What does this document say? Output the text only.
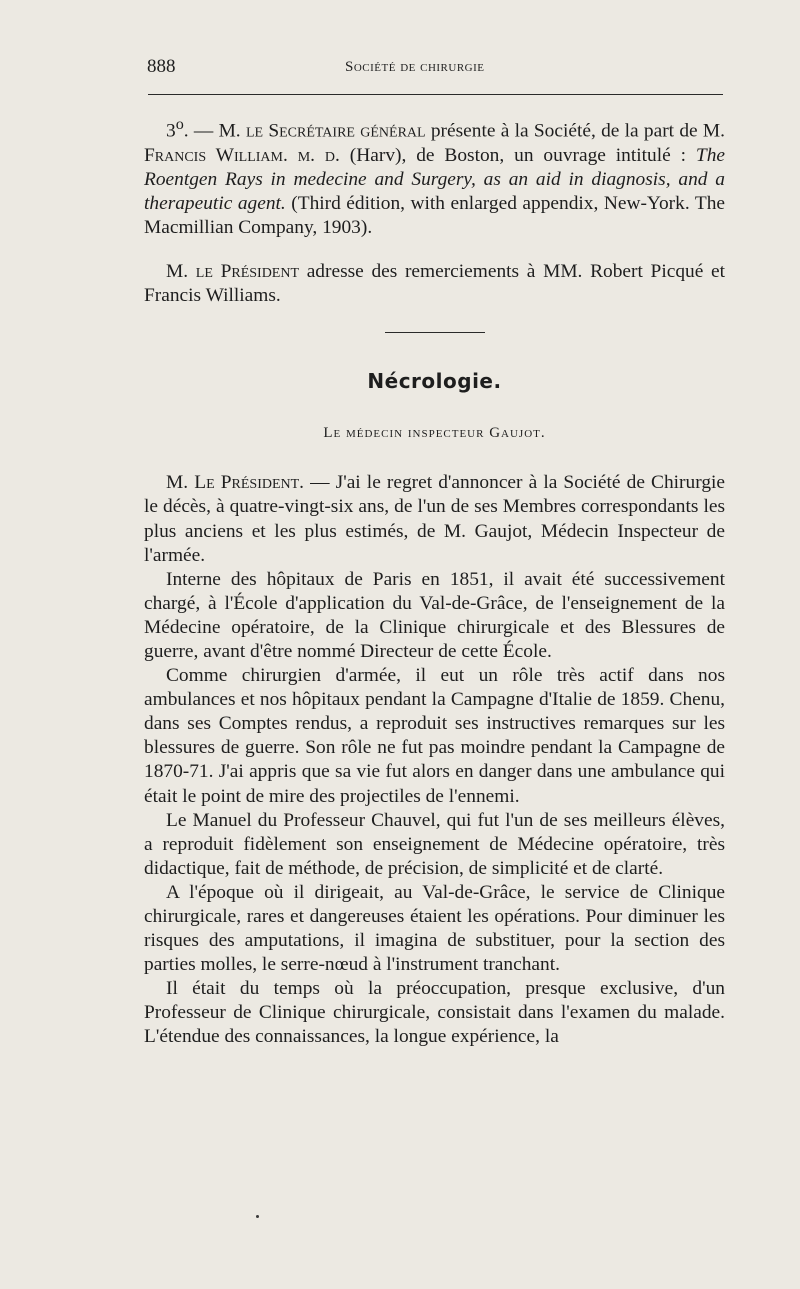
888	Société de chirurgie

3$^o$. — M. le Secrétaire général présente à la Société, de la part de M. Francis William. m. d. (Harv), de Boston, un ouvrage intitulé : The Roentgen Rays in medecine and Surgery, as an aid in diagnosis, and a therapeutic agent. (Third édition, with enlarged appendix, New-York. The Macmillian Company, 1903).

M. le Président adresse des remerciements à MM. Robert Picqué et Francis Williams.

Nécrologie.
Le médecin inspecteur Gaujot.

M. Le Président. — J'ai le regret d'annoncer à la Société de Chirurgie le décès, à quatre-vingt-six ans, de l'un de ses Membres correspondants les plus anciens et les plus estimés, de M. Gaujot, Médecin Inspecteur de l'armée.

Interne des hôpitaux de Paris en 1851, il avait été successivement chargé, à l'École d'application du Val-de-Grâce, de l'enseignement de la Médecine opératoire, de la Clinique chirurgicale et des Blessures de guerre, avant d'être nommé Directeur de cette École.

Comme chirurgien d'armée, il eut un rôle très actif dans nos ambulances et nos hôpitaux pendant la Campagne d'Italie de 1859. Chenu, dans ses Comptes rendus, a reproduit ses instructives remarques sur les blessures de guerre. Son rôle ne fut pas moindre pendant la Campagne de 1870-71. J'ai appris que sa vie fut alors en danger dans une ambulance qui était le point de mire des projectiles de l'ennemi.

Le Manuel du Professeur Chauvel, qui fut l'un de ses meilleurs élèves, a reproduit fidèlement son enseignement de Médecine opératoire, très didactique, fait de méthode, de précision, de simplicité et de clarté.

A l'époque où il dirigeait, au Val-de-Grâce, le service de Clinique chirurgicale, rares et dangereuses étaient les opérations. Pour diminuer les risques des amputations, il imagina de substituer, pour la section des parties molles, le serre-nœud à l'instrument tranchant.

Il était du temps où la préoccupation, presque exclusive, d'un Professeur de Clinique chirurgicale, consistait dans l'examen du malade. L'étendue des connaissances, la longue expérience, la
